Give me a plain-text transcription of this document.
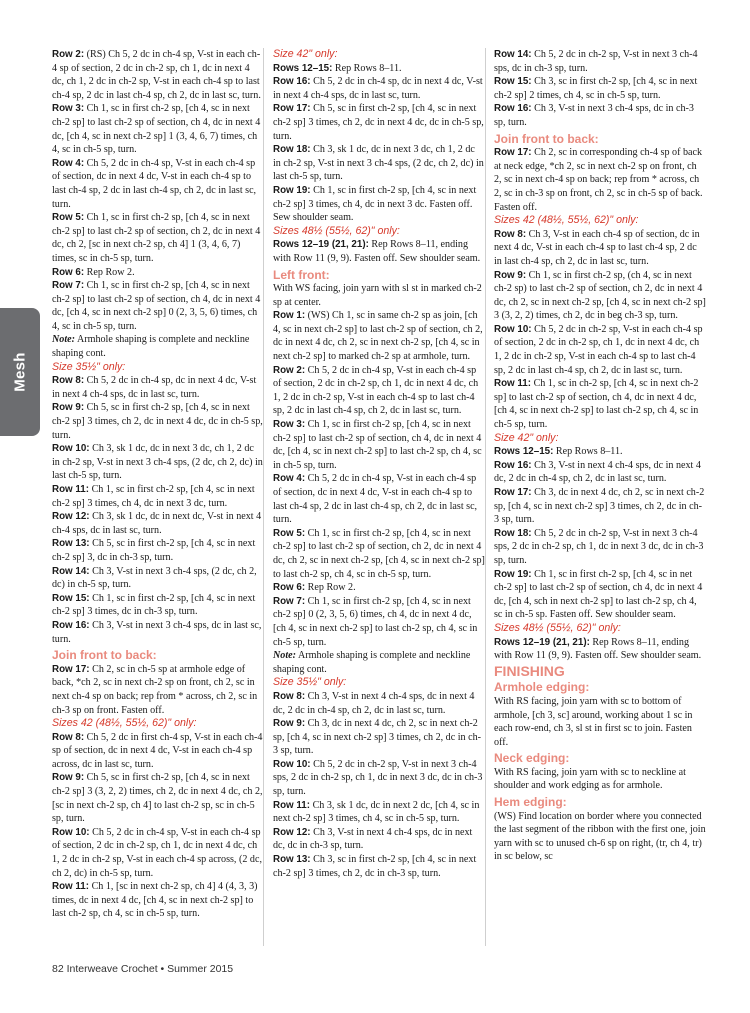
Mesh

Row 2: (RS) Ch 5, 2 dc in ch-4 sp, V-st in each ch-4 sp of section, 2 dc in ch-2 sp, ch 1, dc in next 4 dc, ch 1, 2 dc in ch-2 sp, V-st in each ch-4 sp to last ch-4 sp, 2 dc in last ch-4 sp, ch 2, dc in last sc, turn.

Row 3: Ch 1, sc in first ch-2 sp, [ch 4, sc in next ch-2 sp] to last ch-2 sp of section, ch 4, dc in next 4 dc, [ch 4, sc in next ch-2 sp] 1 (3, 4, 6, 7) times, ch 4, sc in ch-5 sp, turn.

Row 4: Ch 5, 2 dc in ch-4 sp, V-st in each ch-4 sp of section, dc in next 4 dc, V-st in each ch-4 sp to last ch-4 sp, 2 dc in last ch-4 sp, ch 2, dc in last sc, turn.

Row 5: Ch 1, sc in first ch-2 sp, [ch 4, sc in next ch-2 sp] to last ch-2 sp of section, ch 2, dc in next 4 dc, ch 2, [sc in next ch-2 sp, ch 4] 1 (3, 4, 6, 7) times, sc in ch-5 sp, turn.

Row 6: Rep Row 2.

Row 7: Ch 1, sc in first ch-2 sp, [ch 4, sc in next ch-2 sp] to last ch-2 sp of section, ch 4, dc in next 4 dc, [ch 4, sc in next ch-2 sp] 0 (2, 3, 5, 6) times, ch 4, sc in ch-5 sp, turn.

Note: Armhole shaping is complete and neckline shaping cont.

Size 35½" only:

Row 8: Ch 5, 2 dc in ch-4 sp, dc in next 4 dc, V-st in next 4 ch-4 sps, dc in last sc, turn.

Row 9: Ch 5, sc in first ch-2 sp, [ch 4, sc in next ch-2 sp] 3 times, ch 2, dc in next 4 dc, dc in ch-5 sp, turn.

Row 10: Ch 3, sk 1 dc, dc in next 3 dc, ch 1, 2 dc in ch-2 sp, V-st in next 3 ch-4 sps, (2 dc, ch 2, dc) in last ch-5 sp, turn.

Row 11: Ch 1, sc in first ch-2 sp, [ch 4, sc in next ch-2 sp] 3 times, ch 4, dc in next 3 dc, turn.

Row 12: Ch 3, sk 1 dc, dc in next dc, V-st in next 4 ch-4 sps, dc in last sc, turn.

Row 13: Ch 5, sc in first ch-2 sp, [ch 4, sc in next ch-2 sp] 3, dc in ch-3 sp, turn.

Row 14: Ch 3, V-st in next 3 ch-4 sps, (2 dc, ch 2, dc) in ch-5 sp, turn.

Row 15: Ch 1, sc in first ch-2 sp, [ch 4, sc in next ch-2 sp] 3 times, dc in ch-3 sp, turn.

Row 16: Ch 3, V-st in next 3 ch-4 sps, dc in last sc, turn.

Join front to back:

Row 17: Ch 2, sc in ch-5 sp at armhole edge of back, *ch 2, sc in next ch-2 sp on front, ch 2, sc in next ch-4 sp on back; rep from * across, ch 2, sc in ch-3 sp on front. Fasten off.

Sizes 42 (48½, 55½, 62)" only:

Row 8: Ch 5, 2 dc in first ch-4 sp, V-st in each ch-4 sp of section, dc in next 4 dc, V-st in each ch-4 sp across, dc in last sc, turn.

Row 9: Ch 5, sc in first ch-2 sp, [ch 4, sc in next ch-2 sp] 3 (3, 2, 2) times, ch 2, dc in next 4 dc, ch 2, [sc in next ch-2 sp, ch 4] to last ch-2 sp, sc in ch-5 sp, turn.

Row 10: Ch 5, 2 dc in ch-4 sp, V-st in each ch-4 sp of section, 2 dc in ch-2 sp, ch 1, dc in next 4 dc, ch 1, 2 dc in ch-2 sp, V-st in each ch-4 sp across, (2 dc, ch 2, dc) in ch-5 sp, turn.

Row 11: Ch 1, [sc in next ch-2 sp, ch 4] 4 (4, 3, 3) times, dc in next 4 dc, [ch 4, sc in next ch-2 sp] to last ch-2 sp, ch 4, sc in ch-5 sp, turn.

Size 42" only:

Rows 12–15: Rep Rows 8–11.

Row 16: Ch 5, 2 dc in ch-4 sp, dc in next 4 dc, V-st in next 4 ch-4 sps, dc in last sc, turn.

Row 17: Ch 5, sc in first ch-2 sp, [ch 4, sc in next ch-2 sp] 3 times, ch 2, dc in next 4 dc, dc in ch-5 sp, turn.

Row 18: Ch 3, sk 1 dc, dc in next 3 dc, ch 1, 2 dc in ch-2 sp, V-st in next 3 ch-4 sps, (2 dc, ch 2, dc) in last ch-5 sp, turn.

Row 19: Ch 1, sc in first ch-2 sp, [ch 4, sc in next ch-2 sp] 3 times, ch 4, dc in next 3 dc. Fasten off. Sew shoulder seam.

Sizes 48½ (55½, 62)" only:

Rows 12–19 (21, 21): Rep Rows 8–11, ending with Row 11 (9, 9). Fasten off. Sew shoulder seam.

Left front:

With WS facing, join yarn with sl st in marked ch-2 sp at center.

Row 1: (WS) Ch 1, sc in same ch-2 sp as join, [ch 4, sc in next ch-2 sp] to last ch-2 sp of section, ch 2, dc in next 4 dc, ch 2, sc in next ch-2 sp, [ch 4, sc in next ch-2 sp] to marked ch-2 sp at armhole, turn.

Row 2: Ch 5, 2 dc in ch-4 sp, V-st in each ch-4 sp of section, 2 dc in ch-2 sp, ch 1, dc in next 4 dc, ch 1, 2 dc in ch-2 sp, V-st in each ch-4 sp to last ch-4 sp, 2 dc in last ch-4 sp, ch 2, dc in last sc, turn.

Row 3: Ch 1, sc in first ch-2 sp, [ch 4, sc in next ch-2 sp] to last ch-2 sp of section, ch 4, dc in next 4 dc, [ch 4, sc in next ch-2 sp] to last ch-2 sp, ch 4, sc in ch-5 sp, turn.

Row 4: Ch 5, 2 dc in ch-4 sp, V-st in each ch-4 sp of section, dc in next 4 dc, V-st in each ch-4 sp to last ch-4 sp, 2 dc in last ch-4 sp, ch 2, dc in last sc, turn.

Row 5: Ch 1, sc in first ch-2 sp, [ch 4, sc in next ch-2 sp] to last ch-2 sp of section, ch 2, dc in next 4 dc, ch 2, sc in next ch-2 sp, [ch 4, sc in next ch-2 sp] to last ch-2 sp, ch 4, sc in ch-5 sp, turn.

Row 6: Rep Row 2.

Row 7: Ch 1, sc in first ch-2 sp, [ch 4, sc in next ch-2 sp] 0 (2, 3, 5, 6) times, ch 4, dc in next 4 dc, [ch 4, sc in next ch-2 sp] to last ch-2 sp, ch 4, sc in ch-5 sp, turn.

Note: Armhole shaping is complete and neckline shaping cont.

Size 35½" only:

Row 8: Ch 3, V-st in next 4 ch-4 sps, dc in next 4 dc, 2 dc in ch-4 sp, ch 2, dc in last sc, turn.

Row 9: Ch 3, dc in next 4 dc, ch 2, sc in next ch-2 sp, [ch 4, sc in next ch-2 sp] 3 times, ch 2, dc in ch-3 sp, turn.

Row 10: Ch 5, 2 dc in ch-2 sp, V-st in next 3 ch-4 sps, 2 dc in ch-2 sp, ch 1, dc in next 3 dc, dc in ch-3 sp, turn.

Row 11: Ch 3, sk 1 dc, dc in next 2 dc, [ch 4, sc in next ch-2 sp] 3 times, ch 4, sc in ch-5 sp, turn.

Row 12: Ch 3, V-st in next 4 ch-4 sps, dc in next dc, dc in ch-3 sp, turn.

Row 13: Ch 3, sc in first ch-2 sp, [ch 4, sc in next ch-2 sp] 3 times, ch 2, dc in ch-3 sp, turn.

Row 14: Ch 5, 2 dc in ch-2 sp, V-st in next 3 ch-4 sps, dc in ch-3 sp, turn.

Row 15: Ch 3, sc in first ch-2 sp, [ch 4, sc in next ch-2 sp] 2 times, ch 4, sc in ch-5 sp, turn.

Row 16: Ch 3, V-st in next 3 ch-4 sps, dc in ch-3 sp, turn.

Join front to back:

Row 17: Ch 2, sc in corresponding ch-4 sp of back at neck edge, *ch 2, sc in next ch-2 sp on front, ch 2, sc in next ch-4 sp on back; rep from * across, ch 2, sc in ch-3 sp on front, ch 2, sc in ch-5 sp of back. Fasten off.

Sizes 42 (48½, 55½, 62)" only:

Row 8: Ch 3, V-st in each ch-4 sp of section, dc in next 4 dc, V-st in each ch-4 sp to last ch-4 sp, 2 dc in last ch-4 sp, ch 2, dc in last sc, turn.

Row 9: Ch 1, sc in first ch-2 sp, (ch 4, sc in next ch-2 sp) to last ch-2 sp of section, ch 2, dc in next 4 dc, ch 2, sc in next ch-2 sp, [ch 4, sc in next ch-2 sp] 3 (3, 2, 2) times, ch 2, dc in beg ch-3 sp, turn.

Row 10: Ch 5, 2 dc in ch-2 sp, V-st in each ch-4 sp of section, 2 dc in ch-2 sp, ch 1, dc in next 4 dc, ch 1, 2 dc in ch-2 sp, V-st in each ch-4 sp to last ch-4 sp, 2 dc in last ch-4 sp, ch 2, dc in last sc, turn.

Row 11: Ch 1, sc in ch-2 sp, [ch 4, sc in next ch-2 sp] to last ch-2 sp of section, ch 4, dc in next 4 dc, [ch 4, sc in next ch-2 sp] to last ch-2 sp, ch 4, sc in ch-5 sp, turn.

Size 42" only:

Rows 12–15: Rep Rows 8–11.

Row 16: Ch 3, V-st in next 4 ch-4 sps, dc in next 4 dc, 2 dc in ch-4 sp, ch 2, dc in last sc, turn.

Row 17: Ch 3, dc in next 4 dc, ch 2, sc in next ch-2 sp, [ch 4, sc in next ch-2 sp] 3 times, ch 2, dc in ch-3 sp, turn.

Row 18: Ch 5, 2 dc in ch-2 sp, V-st in next 3 ch-4 sps, 2 dc in ch-2 sp, ch 1, dc in next 3 dc, dc in ch-3 sp, turn.

Row 19: Ch 1, sc in first ch-2 sp, [ch 4, sc in net ch-2 sp] to last ch-2 sp of section, ch 4, dc in next 4 dc, [ch 4, sch in next ch-2 sp] to last ch-2 sp, ch 4, sc in ch-5 sp. Fasten off. Sew shoulder seam.

Sizes 48½ (55½, 62)" only:

Rows 12–19 (21, 21): Rep Rows 8–11, ending with Row 11 (9, 9). Fasten off. Sew shoulder seam.

FINISHING

Armhole edging:

With RS facing, join yarn with sc to bottom of armhole, [ch 3, sc] around, working about 1 sc in each row-end, ch 3, sl st in first sc to join. Fasten off.

Neck edging:

With RS facing, join yarn with sc to neckline at shoulder and work edging as for armhole.

Hem edging:

(WS) Find location on border where you connected the last segment of the ribbon with the first one, join yarn with sc to unused ch-6 sp on right, (tr, ch 4, tr) in sc below, sc

82 Interweave Crochet • Summer 2015
